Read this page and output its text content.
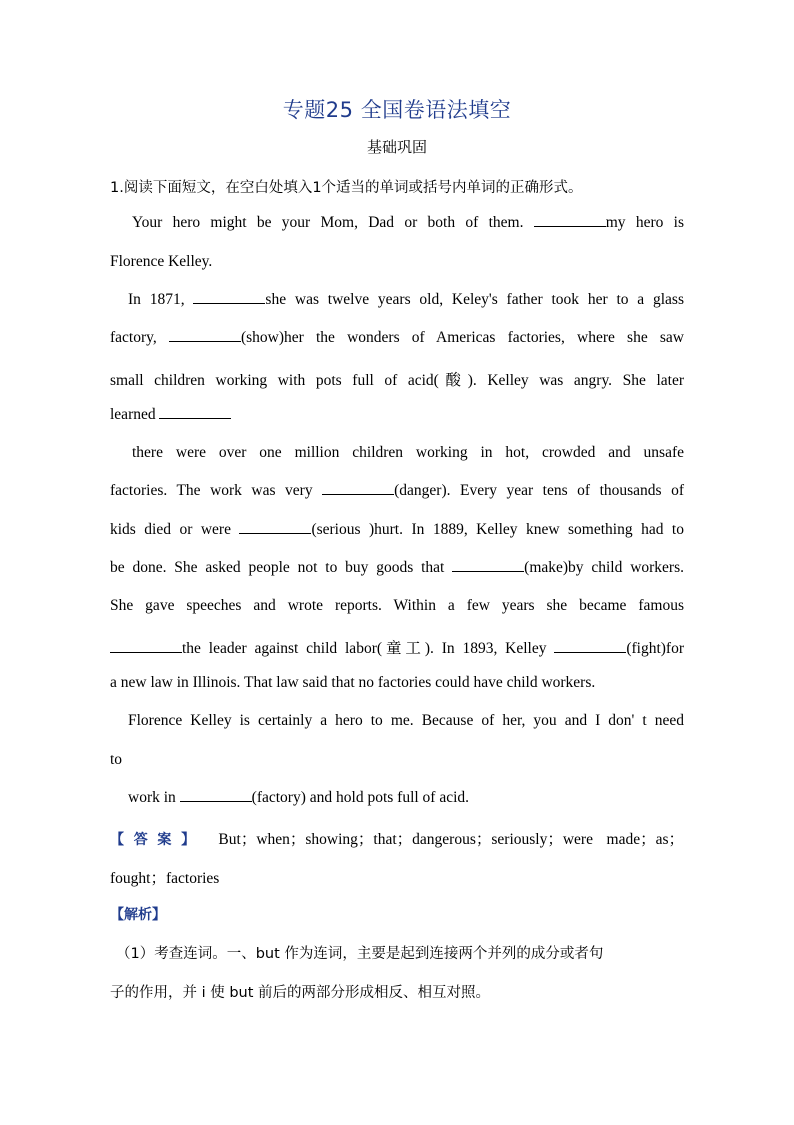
专题25 全国卷语法填空
基础巩固
1.阅读下面短文，在空白处填入1个适当的单词或括号内单词的正确形式。
Your hero might be your Mom, Dad or both of them.	my hero is
Florence Kelley.
In 1871,	she was twelve years old, Keley's father took her to a glass
factory,	(show)her the wonders of Americas factories, where she saw
small children working with pots full of acid(酸). Kelley was angry. She later
learned
there were over one million children working in hot, crowded and unsafe
factories. The work was very	(danger). Every year tens of thousands of
kids died or were	(serious )hurt. In 1889, Kelley knew something had to
be done. She asked people not to buy goods that	(make)by child workers.
She gave speeches and wrote reports. Within a few years she became famous
the leader against child labor(童工). In 1893, Kelley	(fight)for
a new law in Illinois. That law said that no factories could have child workers.
Florence Kelley is certainly a hero to me. Because of her, you and I don' t need
to
work in	(factory) and hold pots full of acid.
【答案】 But；when；showing；that；dangerous；seriously；were made；as；
fought；factories
【解析】
（1）考查连词。一、but 作为连词，主要是起到连接两个并列的成分或者句
子的作用，并 i 使 but 前后的两部分形成相反、相互对照。
